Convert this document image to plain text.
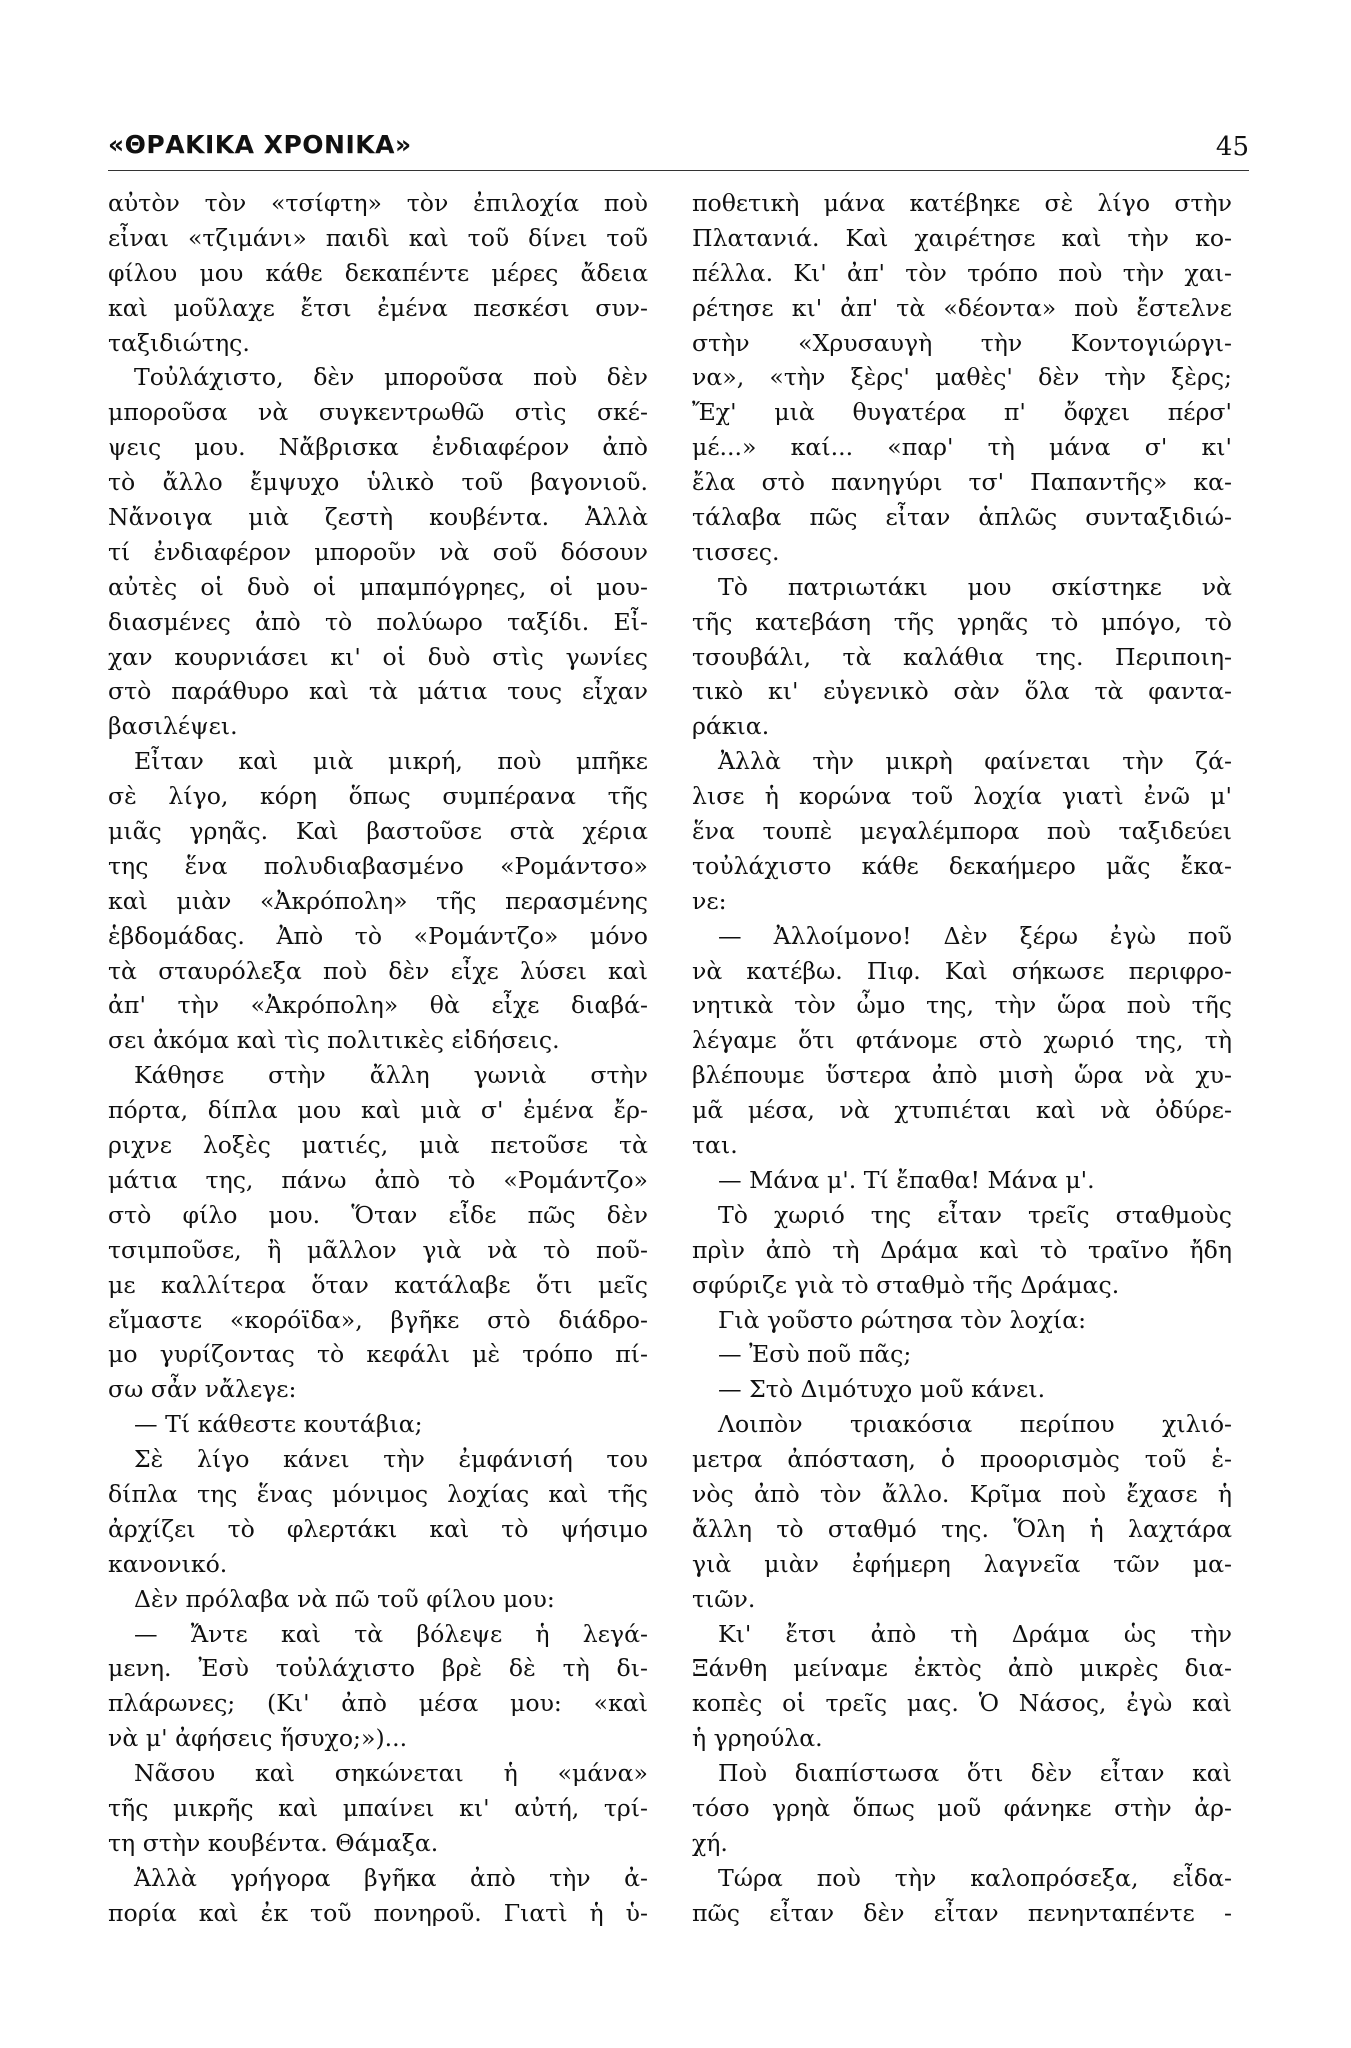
«ΘΡΑΚΙΚΑ ΧΡΟΝΙΚΑ»	45
αὐτὸν τὸν «τσίφτη» τὸν ἐπιλοχία ποὺ
εἶναι «τζιμάνι» παιδὶ καὶ τοῦ δίνει τοῦ
φίλου μου κάθε δεκαπέντε μέρες ἄδεια
καὶ μοῦλαχε ἔτσι ἐμένα πεσκέσι συν-
ταξιδιώτης.
Τοὐλάχιστο, δὲν μποροῦσα ποὺ δὲν
μποροῦσα νὰ συγκεντρωθῶ στὶς σκέ-
ψεις μου. Νἄβρισκα ἐνδιαφέρον ἀπὸ
τὸ ἄλλο ἔμψυχο ὑλικὸ τοῦ βαγονιοῦ.
Νἄνοιγα μιὰ ζεστὴ κουβέντα. Ἀλλὰ
τί ἐνδιαφέρον μποροῦν νὰ σοῦ δόσουν
αὐτὲς οἱ δυὸ οἱ μπαμπόγρηες, οἱ μου-
διασμένες ἀπὸ τὸ πολύωρο ταξίδι. Εἶ-
χαν κουρνιάσει κι' οἱ δυὸ στὶς γωνίες
στὸ παράθυρο καὶ τὰ μάτια τους εἶχαν
βασιλέψει.
Εἶταν καὶ μιὰ μικρή, ποὺ μπῆκε
σὲ λίγο, κόρη ὅπως συμπέρανα τῆς
μιᾶς γρηᾶς. Καὶ βαστοῦσε στὰ χέρια
της ἕνα πολυδιαβασμένο «Ρομάντσο»
καὶ μιὰν «Ἀκρόπολη» τῆς περασμένης
ἑβδομάδας. Ἀπὸ τὸ «Ρομάντζο» μόνο
τὰ σταυρόλεξα ποὺ δὲν εἶχε λύσει καὶ
ἀπ' τὴν «Ἀκρόπολη» θὰ εἶχε διαβά-
σει ἀκόμα καὶ τὶς πολιτικὲς εἰδήσεις.
Κάθησε στὴν ἄλλη γωνιὰ στὴν
πόρτα, δίπλα μου καὶ μιὰ σ' ἐμένα ἔρ-
ριχνε λοξὲς ματιές, μιὰ πετοῦσε τὰ
μάτια της, πάνω ἀπὸ τὸ «Ρομάντζο»
στὸ φίλο μου. Ὅταν εἶδε πῶς δὲν
τσιμποῦσε, ἢ μᾶλλον γιὰ νὰ τὸ ποῦ-
με καλλίτερα ὅταν κατάλαβε ὅτι μεῖς
εἴμαστε «κορόϊδα», βγῆκε στὸ διάδρο-
μο γυρίζοντας τὸ κεφάλι μὲ τρόπο πί-
σω σἆν νἄλεγε:
— Τί κάθεστε κουτάβια;
Σὲ λίγο κάνει τὴν ἐμφάνισή του
δίπλα της ἕνας μόνιμος λοχίας καὶ τῆς
ἀρχίζει τὸ φλερτάκι καὶ τὸ ψήσιμο
κανονικό.
Δὲν πρόλαβα νὰ πῶ τοῦ φίλου μου:
— Ἄντε καὶ τὰ βόλεψε ἡ λεγά-
μενη. Ἐσὺ τοὐλάχιστο βρὲ δὲ τὴ δι-
πλάρωνες; (Κι' ἀπὸ μέσα μου: «καὶ
νὰ μ' ἀφήσεις ἥσυχο;»)...
Νᾶσου καὶ σηκώνεται ἡ «μάνα»
τῆς μικρῆς καὶ μπαίνει κι' αὐτή, τρί-
τη στὴν κουβέντα. Θάμαξα.
Ἀλλὰ γρήγορα βγῆκα ἀπὸ τὴν ἀ-
πορία καὶ ἐκ τοῦ πονηροῦ. Γιατὶ ἡ ὑ-
ποθετικὴ μάνα κατέβηκε σὲ λίγο στὴν
Πλατανιά. Καὶ χαιρέτησε καὶ τὴν κο-
πέλλα. Κι' ἀπ' τὸν τρόπο ποὺ τὴν χαι-
ρέτησε κι' ἀπ' τὰ «δέοντα» ποὺ ἔστελνε
στὴν «Χρυσαυγὴ τὴν Κοντογιώργι-
να», «τὴν ξὲρς' μαθὲς' δὲν τὴν ξὲρς;
Ἔχ' μιὰ θυγατέρα π' ὄφχει πέρσ'
μέ...» καί... «παρ' τὴ μάνα σ' κι'
ἔλα στὸ πανηγύρι τσ' Παπαντῆς» κα-
τάλαβα πῶς εἶταν ἁπλῶς συνταξιδιώ-
τισσες.
Τὸ πατριωτάκι μου σκίστηκε νὰ
τῆς κατεβάση τῆς γρηᾶς τὸ μπόγο, τὸ
τσουβάλι, τὰ καλάθια της. Περιποιη-
τικὸ κι' εὐγενικὸ σὰν ὅλα τὰ φαντα-
ράκια.
Ἀλλὰ τὴν μικρὴ φαίνεται τὴν ζά-
λισε ἡ κορώνα τοῦ λοχία γιατὶ ἐνῶ μ'
ἕνα τουπὲ μεγαλέμπορα ποὺ ταξιδεύει
τοὐλάχιστο κάθε δεκαήμερο μᾶς ἔκα-
νε:
— Ἀλλοίμονο! Δὲν ξέρω ἐγὼ ποῦ
νὰ κατέβω. Πιφ. Καὶ σήκωσε περιφρο-
νητικὰ τὸν ὦμο της, τὴν ὥρα ποὺ τῆς
λέγαμε ὅτι φτάνομε στὸ χωριό της, τὴ
βλέπουμε ὕστερα ἀπὸ μισὴ ὥρα νὰ χυ-
μᾶ μέσα, νὰ χτυπιέται καὶ νὰ ὀδύρε-
ται.
— Μάνα μ'. Τί ἔπαθα! Μάνα μ'.
Τὸ χωριό της εἶταν τρεῖς σταθμοὺς
πρὶν ἀπὸ τὴ Δράμα καὶ τὸ τραῖνο ἤδη
σφύριζε γιὰ τὸ σταθμὸ τῆς Δράμας.
Γιὰ γοῦστο ρώτησα τὸν λοχία:
— Ἐσὺ ποῦ πᾶς;
— Στὸ Διμότυχο μοῦ κάνει.
Λοιπὸν τριακόσια περίπου χιλιό-
μετρα ἀπόσταση, ὁ προορισμὸς τοῦ ἑ-
νὸς ἀπὸ τὸν ἄλλο. Κρῖμα ποὺ ἔχασε ἡ
ἄλλη τὸ σταθμό της. Ὅλη ἡ λαχτάρα
γιὰ μιὰν ἐφήμερη λαγνεῖα τῶν μα-
τιῶν.
Κι' ἔτσι ἀπὸ τὴ Δράμα ὡς τὴν
Ξάνθη μείναμε ἐκτὸς ἀπὸ μικρὲς δια-
κοπὲς οἱ τρεῖς μας. Ὁ Νάσος, ἐγὼ καὶ
ἡ γρηούλα.
Ποὺ διαπίστωσα ὅτι δὲν εἶταν καὶ
τόσο γρηὰ ὅπως μοῦ φάνηκε στὴν ἀρ-
χή.
Τώρα ποὺ τὴν καλοπρόσεξα, εἶδα-
πῶς εἶταν δὲν εἶταν πενηνταπέντε -
